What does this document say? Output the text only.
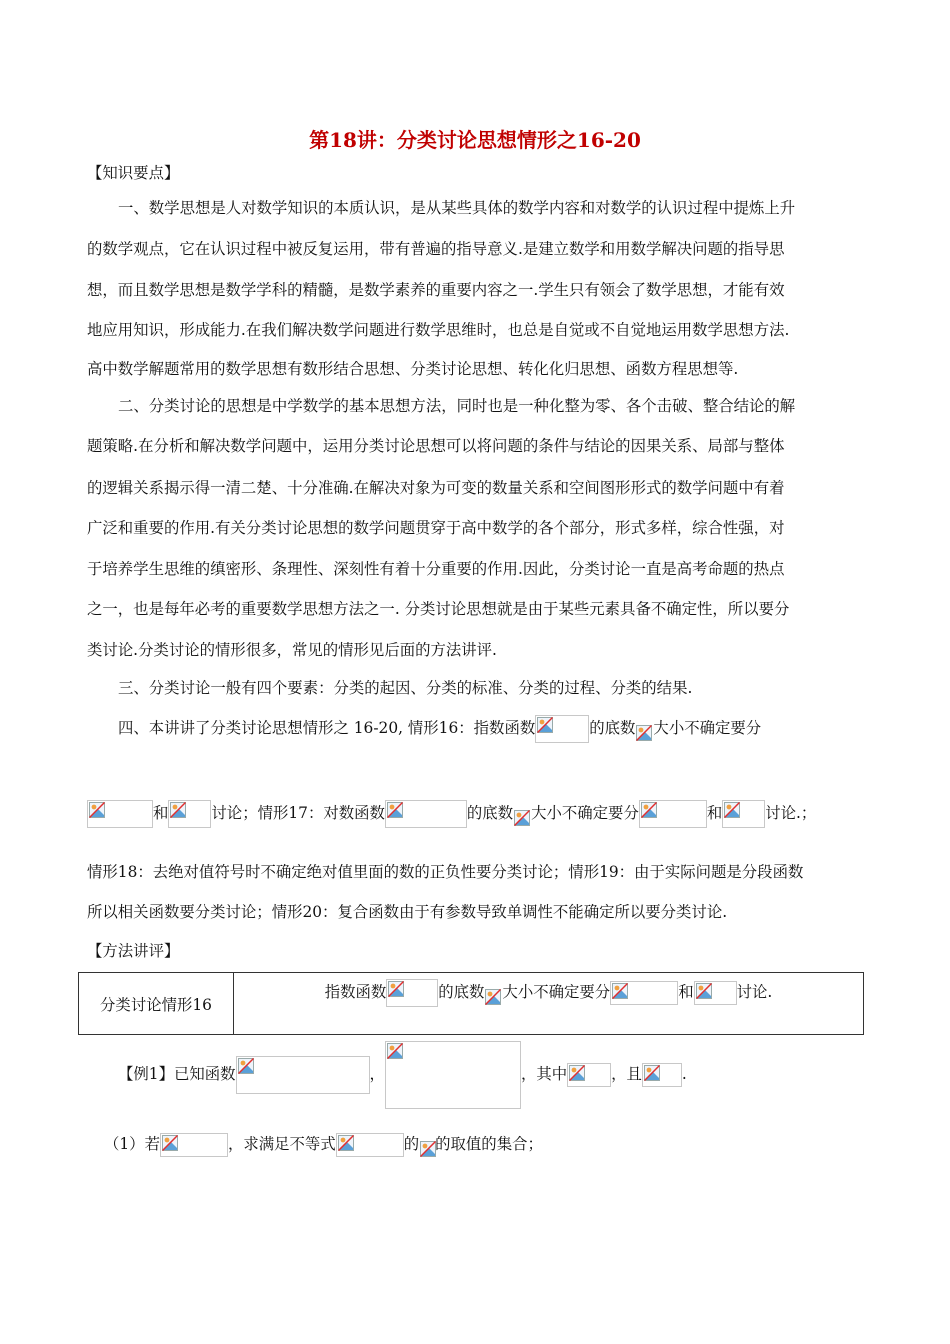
第18讲：分类讨论思想情形之16-20
【知识要点】
一、数学思想是人对数学知识的本质认识，是从某些具体的数学内容和对数学的认识过程中提炼上升
的数学观点，它在认识过程中被反复运用，带有普遍的指导意义.是建立数学和用数学解决问题的指导思
想，而且数学思想是数学学科的精髓，是数学素养的重要内容之一.学生只有领会了数学思想，才能有效
地应用知识，形成能力.在我们解决数学问题进行数学思维时，也总是自觉或不自觉地运用数学思想方法.
高中数学解题常用的数学思想有数形结合思想、分类讨论思想、转化化归思想、函数方程思想等.
二、分类讨论的思想是中学数学的基本思想方法，同时也是一种化整为零、各个击破、整合结论的解
题策略.在分析和解决数学问题中，运用分类讨论思想可以将问题的条件与结论的因果关系、局部与整体
的逻辑关系揭示得一清二楚、十分准确.在解决对象为可变的数量关系和空间图形形式的数学问题中有着
广泛和重要的作用.有关分类讨论思想的数学问题贯穿于高中数学的各个部分，形式多样，综合性强，对
于培养学生思维的缜密形、条理性、深刻性有着十分重要的作用.因此，分类讨论一直是高考命题的热点
之一，也是每年必考的重要数学思想方法之一. 分类讨论思想就是由于某些元素具备不确定性，所以要分
类讨论.分类讨论的情形很多，常见的情形见后面的方法讲评.
三、分类讨论一般有四个要素：分类的起因、分类的标准、分类的过程、分类的结果.
四、本讲讲了分类讨论思想情形之 16-20, 情形16：指数函数	的底数 大小不确定要分
和	讨论；情形17：对数函数	的底数 大小不确定要分	和	讨论.；
情形18：去绝对值符号时不确定绝对值里面的数的正负性要分类讨论；情形19：由于实际问题是分段函数
所以相关函数要分类讨论；情形20：复合函数由于有参数导致单调性不能确定所以要分类讨论.
【方法讲评】
分类讨论情形16	指数函数	的底数 大小不确定要分	和	讨论.
【例1】已知函数	，	，其中	，且	.
（1）若	，求满足不等式	的 的取值的集合；
